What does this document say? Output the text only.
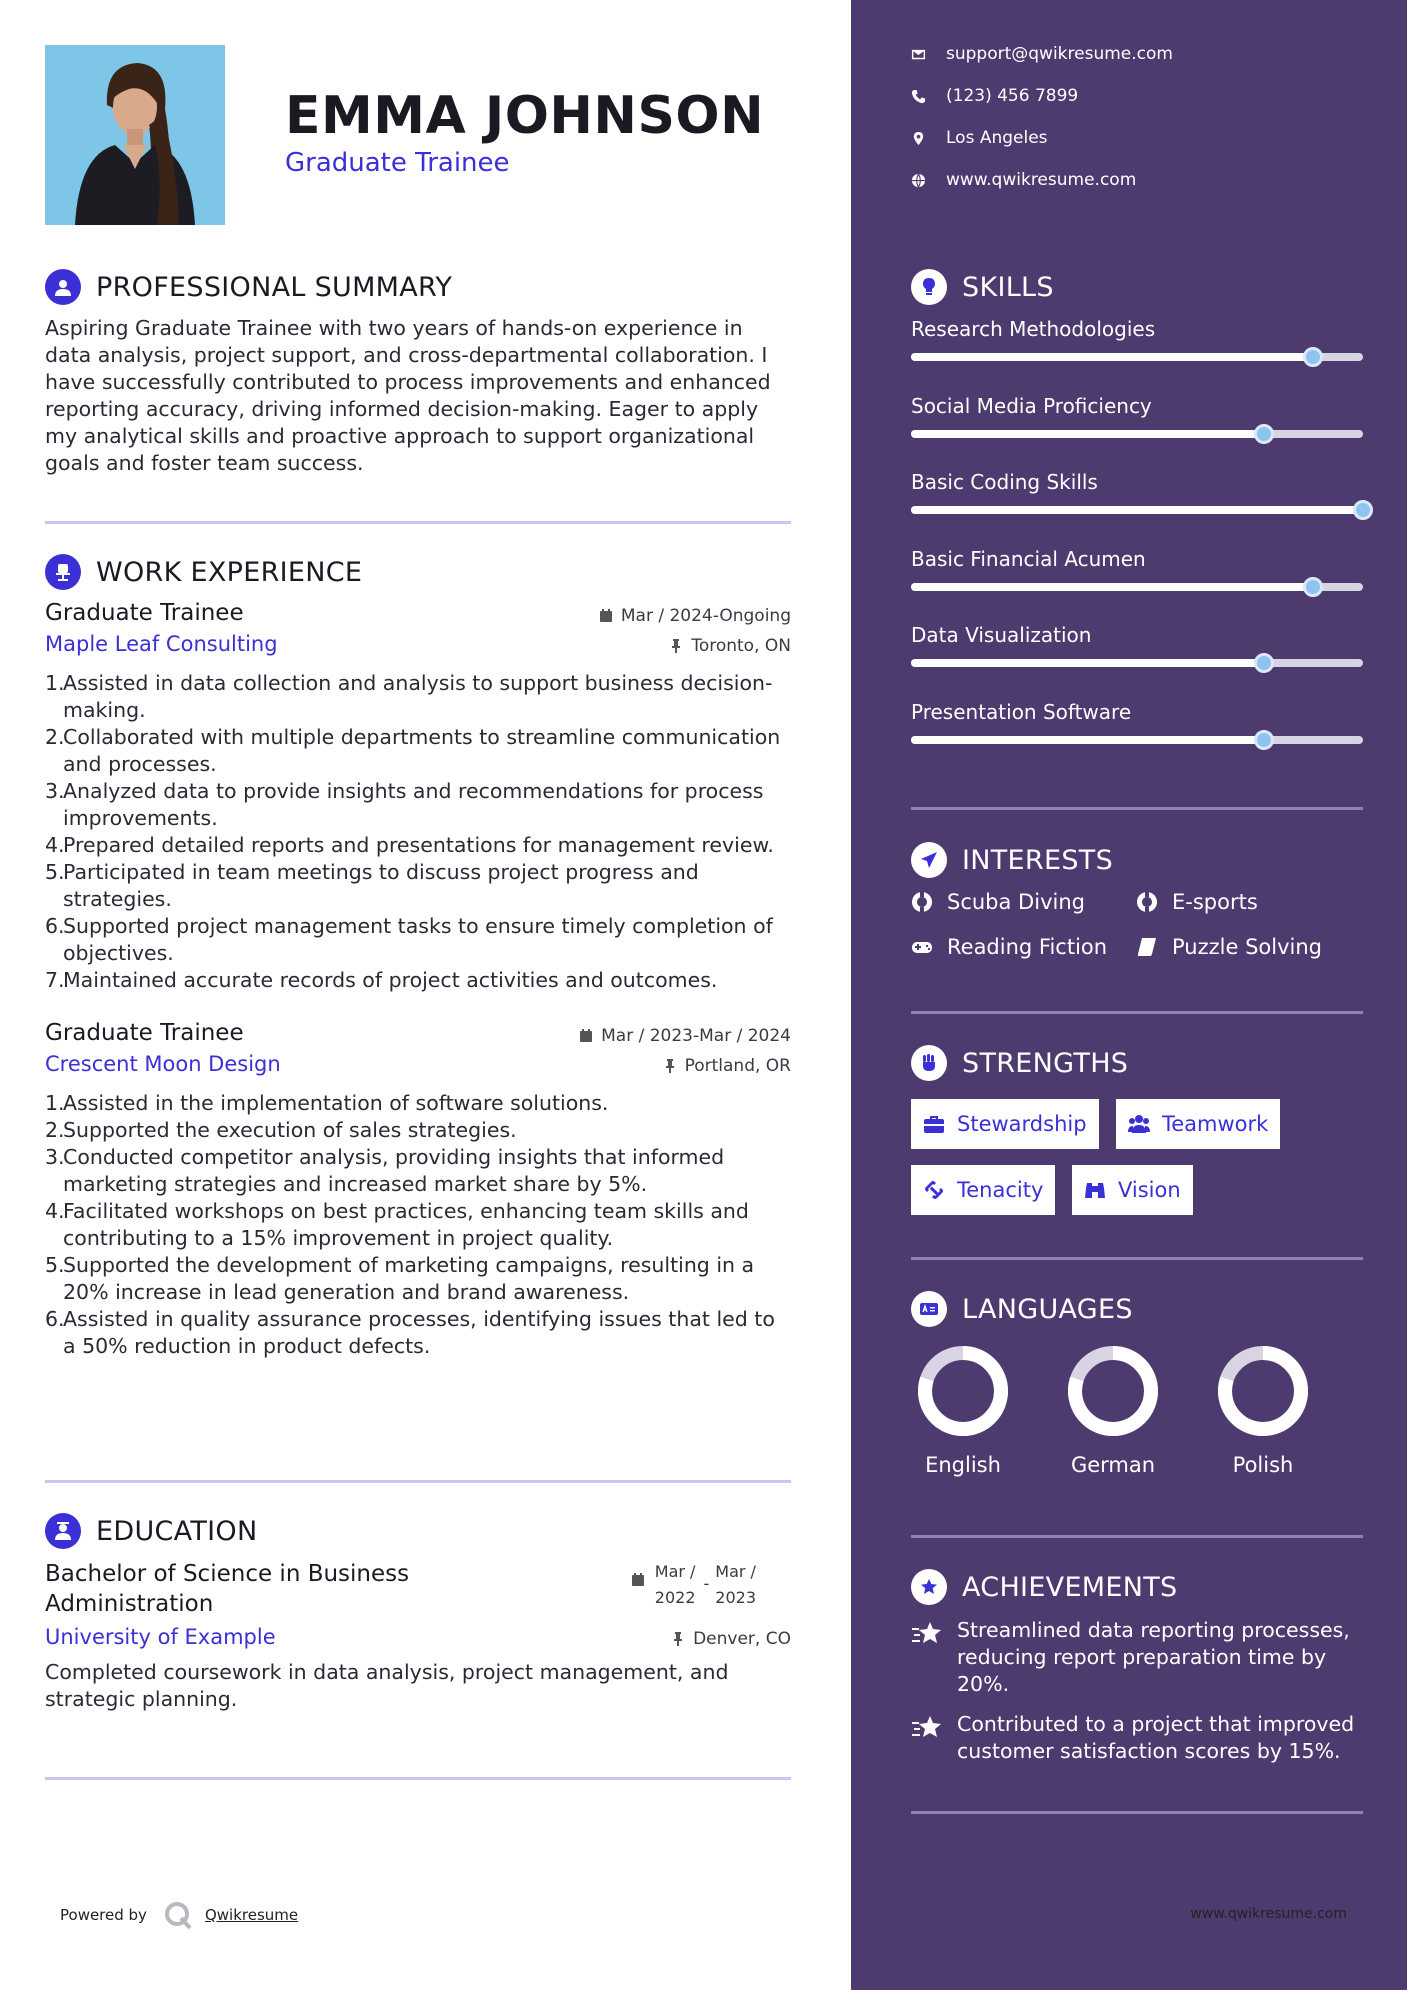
EMMA JOHNSON
Graduate Trainee
PROFESSIONAL SUMMARY
Aspiring Graduate Trainee with two years of hands-on experience in data analysis, project support, and cross-departmental collaboration. I have successfully contributed to process improvements and enhanced reporting accuracy, driving informed decision-making. Eager to apply my analytical skills and proactive approach to support organizational goals and foster team success.
WORK EXPERIENCE
Graduate Trainee	Mar / 2024-Ongoing
Maple Leaf Consulting	Toronto, ON
1.
Assisted in data collection and analysis to support business decision-making.
2.
Collaborated with multiple departments to streamline communication and processes.
3.
Analyzed data to provide insights and recommendations for process improvements.
4.
Prepared detailed reports and presentations for management review.
5.
Participated in team meetings to discuss project progress and strategies.
6.
Supported project management tasks to ensure timely completion of objectives.
7.
Maintained accurate records of project activities and outcomes.
Graduate Trainee	Mar / 2023-Mar / 2024
Crescent Moon Design	Portland, OR
1.
Assisted in the implementation of software solutions.
2.
Supported the execution of sales strategies.
3.
Conducted competitor analysis, providing insights that informed marketing strategies and increased market share by 5%.
4.
Facilitated workshops on best practices, enhancing team skills and contributing to a 15% improvement in project quality.
5.
Supported the development of marketing campaigns, resulting in a 20% increase in lead generation and brand awareness.
6.
Assisted in quality assurance processes, identifying issues that led to a 50% reduction in product defects.
EDUCATION
Bachelor of Science in Business Administration
Mar /
2022
-
Mar /
2023
University of Example	Denver, CO
Completed coursework in data analysis, project management, and strategic planning.
Powered by	Qwikresume
support@qwikresume.com
(123) 456 7899
Los Angeles
www.qwikresume.com
SKILLS
Research Methodologies
Social Media Proficiency
Basic Coding Skills
Basic Financial Acumen
Data Visualization
Presentation Software
INTERESTS
Scuba Diving	E-sports
Reading Fiction	Puzzle Solving
STRENGTHS
Stewardship	Teamwork
Tenacity	Vision
LANGUAGES
English	German	Polish
ACHIEVEMENTS
Streamlined data reporting processes, reducing report preparation time by 20%.
Contributed to a project that improved customer satisfaction scores by 15%.
www.qwikresume.com
